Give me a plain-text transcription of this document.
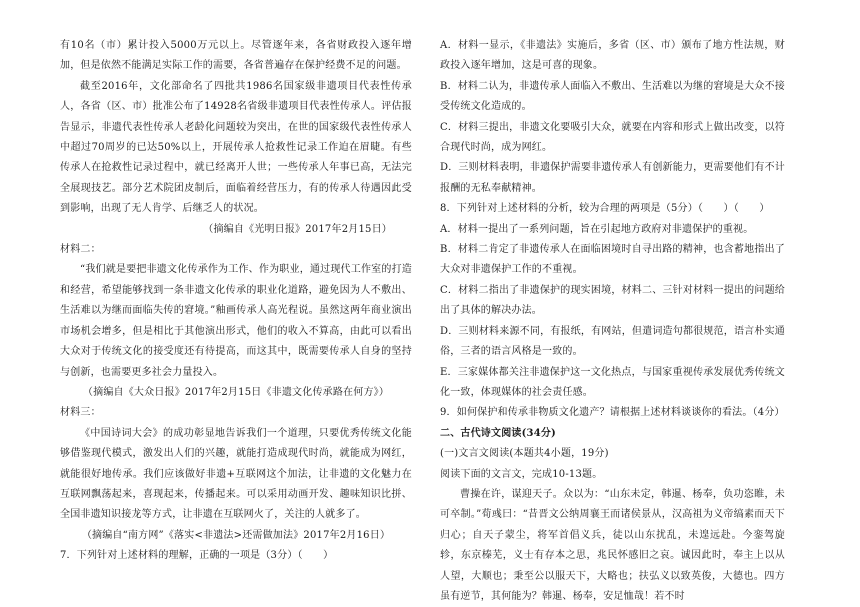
有10名（市）累计投入5000万元以上。尽管逐年来，各省财政投入逐年增加，但是依然不能满足实际工作的需要，各省普遍存在保护经费不足的问题。

截至2016年，文化部命名了四批共1986名国家级非遗项目代表性传承人，各省（区、市）批准公布了14928名省级非遗项目代表性传承人。评估报告显示，非遗代表性传承人老龄化问题较为突出，在世的国家级代表性传承人中超过70周岁的已达50%以上，开展传承人抢救性记录工作迫在眉睫。有些传承人在抢救性记录过程中，就已经离开人世；一些传承人年事已高，无法完全展现技艺。部分艺术院团皮制后，面临着经营压力，有的传承人待遇因此受到影响，出现了无人肯学、后继乏人的状况。

（摘编自《光明日报》2017年2月15日）

材料二：

“我们就是要把非遗文化传承作为工作、作为职业，通过现代工作室的打造和经营，希望能够找到一条非遗文化传承的职业化道路，避免因为人不敷出、生活难以为继而面临失传的窘境。”釉画传承人高光程说。虽然这两年商业演出市场机会增多，但是相比于其他演出形式，他们的收入不算高，由此可以看出大众对于传统文化的接受度还有待提高，而这其中，既需要传承人自身的坚持与创新，也需要更多社会力量投入。

（摘编自《大众日报》2017年2月15日《非遗文化传承路在何方》）

材料三：

《中国诗词大会》的成功彰显地告诉我们一个道理，只要优秀传统文化能够借鉴现代模式，激发出人们的兴趣，就能打造成现代时尚，就能成为网红，就能很好地传承。我们应该做好非遗+互联网这个加法，让非遗的文化魅力在互联网飘荡起来，喜现起来，传播起来。可以采用动画开发、趣味知识比拼、全国非遗知识接龙等方式，让非遗在互联网火了，关注的人就多了。

（摘编自“南方网”《落实<非遗法>还需做加法》2017年2月16日）

7．下列针对上述材料的理解，正确的一项是（3分）（　　）

A．材料一显示，《非遗法》实施后，多省（区、市）颁布了地方性法规，财政投入逐年增加，这是可喜的现象。

B．材料二认为，非遗传承人面临入不敷出、生活难以为继的窘境是大众不接受传统文化造成的。

C．材料三提出，非遗文化要吸引大众，就要在内容和形式上做出改变，以符合现代时尚，成为网红。

D．三则材料表明，非遗保护需要非遗传承人有创新能力，更需要他们有不计报酬的无私奉献精神。

8．下列针对上述材料的分析，较为合理的两项是（5分）（　　）（　　）

A．材料一提出了一系列问题，旨在引起地方政府对非遗保护的重视。

B．材料二肯定了非遗传承人在面临困境时自寻出路的精神，也含蓄地指出了大众对非遗保护工作的不重视。

C．材料二指出了非遗保护的现实困境，材料二、三针对材料一提出的问题给出了具体的解决办法。

D．三则材料来源不同，有报纸，有网站，但遣词造句都很规范，语言朴实通俗，三者的语言风格是一致的。

E．三家媒体都关注非遗保护这一文化热点，与国家重视传承发展优秀传统文化一致，体现媒体的社会责任感。

9．如何保护和传承非物质文化遗产？请根据上述材料谈谈你的看法。（4分）

二、古代诗文阅读(34分)

(一)文言文阅读(本题共4小题，19分)

阅读下面的文言文，完成10-13题。

曹操在许，谋迎天子。众以为：“山东未定，韩暹、杨奉，负功恣睢，未可卒制。”荀彧曰：“昔晋文公纳周襄王而诸侯景从，汉高祖为义帝缟素而天下归心；自天子蒙尘，将军首倡义兵，徒以山东扰乱，未遑远赴。今銮驾旋轸，东京榛芜，义士有存本之思，兆民怀感旧之哀。诚因此时，奉主上以从人望，大顺也；秉至公以服天下，大略也；扶弘义以致英俊，大德也。四方虽有逆节，其何能为？韩暹、杨奉，安足恤哉！若不时
